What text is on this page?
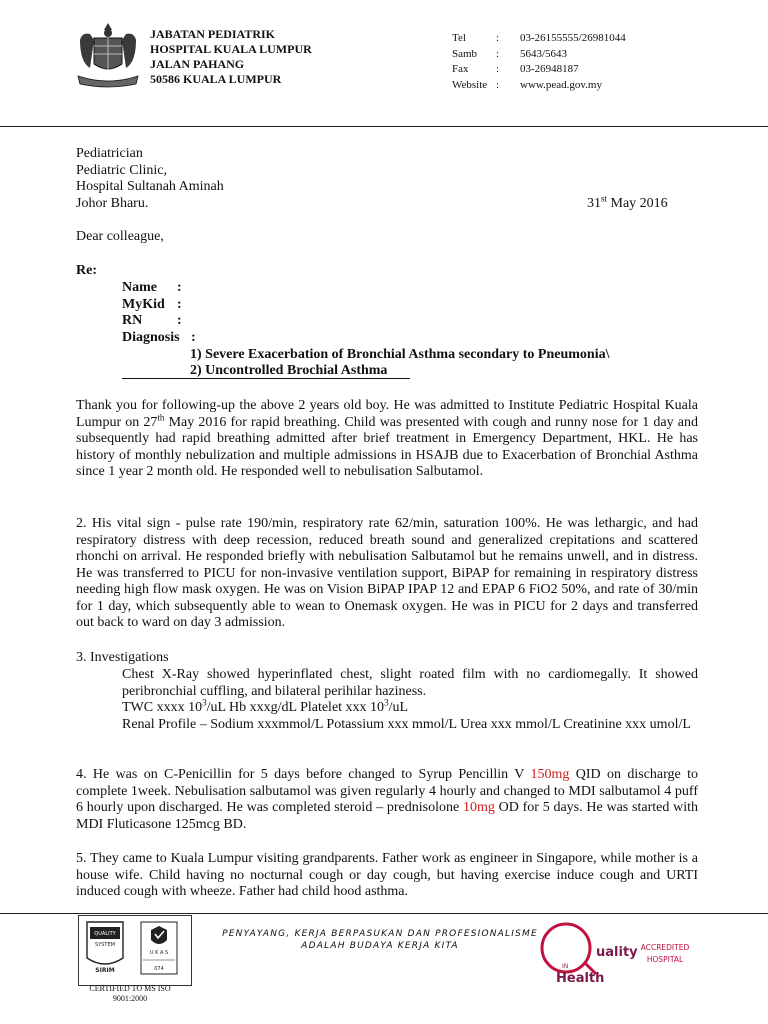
JABATAN PEDIATRIK
HOSPITAL KUALA LUMPUR
JALAN PAHANG
50586 KUALA LUMPUR
Tel	:	03-26155555/26981044
Samb	:	5643/5643
Fax	:	03-26948187
Website :	www.pead.gov.my
Pediatrician
Pediatric Clinic,
Hospital Sultanah Aminah
Johor Bharu.	31st May 2016
Dear colleague,
Re:
Name	:
MyKid :
RN	:
Diagnosis :
1) Severe Exacerbation of Bronchial Asthma secondary to Pneumonia\
2) Uncontrolled Brochial Asthma
Thank you for following-up the above 2 years old boy. He was admitted to Institute Pediatric Hospital Kuala Lumpur on 27th May 2016 for rapid breathing. Child was presented with cough and runny nose for 1 day and subsequently had rapid breathing admitted after brief treatment in Emergency Department, HKL. He has history of monthly nebulization and multiple admissions in HSAJB due to Exacerbation of Bronchial Asthma since 1 year 2 month old. He responded well to nebulisation Salbutamol.
2. His vital sign - pulse rate 190/min, respiratory rate 62/min, saturation 100%. He was lethargic, and had respiratory distress with deep recession, reduced breath sound and generalized crepitations and scattered rhonchi on arrival. He responded briefly with nebulisation Salbutamol but he remains unwell, and in distress. He was transferred to PICU for non-invasive ventilation support, BiPAP for remaining in respiratory distress needing high flow mask oxygen. He was on Vision BiPAP IPAP 12 and EPAP 6 FiO2 50%, and rate of 30/min for 1 day, which subsequently able to wean to Onemask oxygen. He was in PICU for 2 days and transferred out back to ward on day 3 admission.
3. Investigations
Chest X-Ray showed hyperinflated chest, slight roated film with no cardiomegally. It showed peribronchial cuffling, and bilateral perihilar haziness.
TWC xxxx $10^3/uL$ Hb xxxg/dL Platelet xxx $10^3/uL$
Renal Profile – Sodium xxxmmol/L Potassium xxx mmol/L Urea xxx mmol/L Creatinine xxx umol/L
4. He was on C-Penicillin for 5 days before changed to Syrup Pencillin V 150mg QID on discharge to complete 1week. Nebulisation salbutamol was given regularly 4 hourly and changed to MDI salbutamol 4 puff 6 hourly upon discharged. He was completed steroid – prednisolone 10mg OD for 5 days. He was started with MDI Fluticasone 125mcg BD.
5. They came to Kuala Lumpur visiting grandparents. Father work as engineer in Singapore, while mother is a house wife. Child having no nocturnal cough or day cough, but having exercise induce cough and URTI induced cough with wheeze. Father had child hood asthma.
QUALITY
SYSTEM
SIRIM
U K A S
074
CERTIFIED TO MS ISO
9001:2000
PENYAYANG, KERJA BERPASUKAN DAN PROFESIONALISME
ADALAH BUDAYA KERJA KITA	uality
IN
Health
ACCREDITED
HOSPITAL
